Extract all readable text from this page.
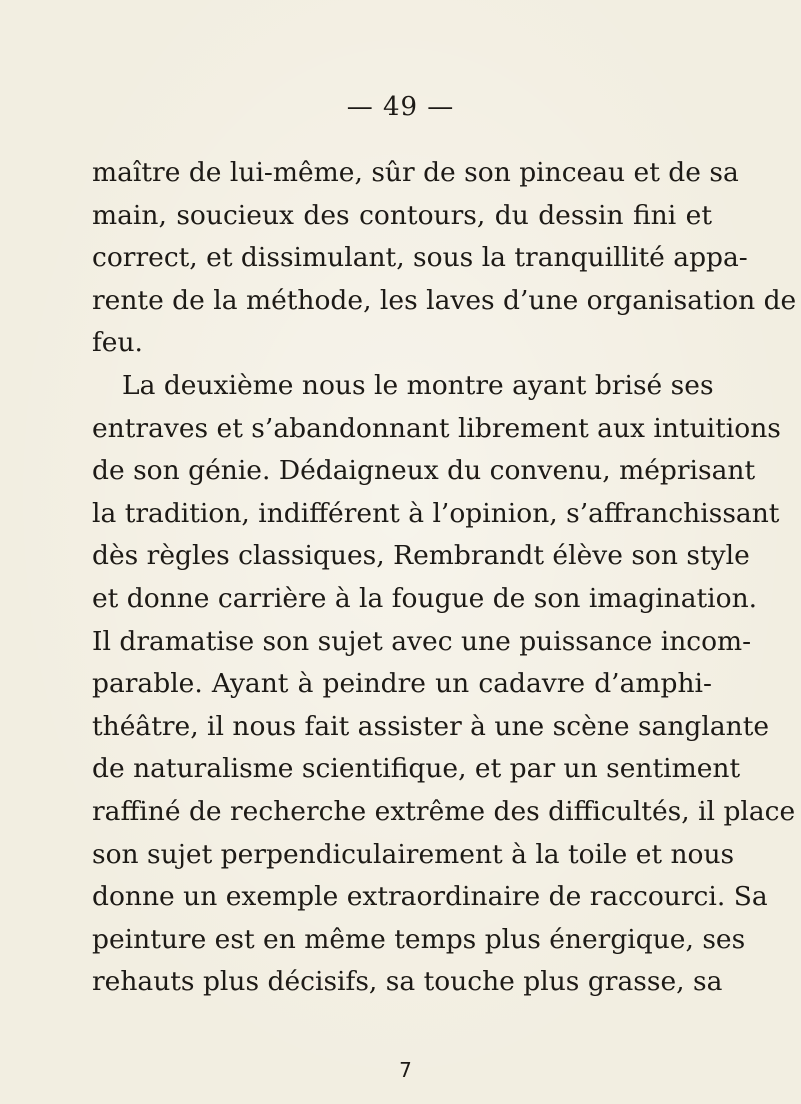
— 49 —
maître de lui-même, sûr de son pinceau et de sa
main, soucieux des contours, du dessin fini et
correct, et dissimulant, sous la tranquillité appa-
rente de la méthode, les laves d’une organisation de
feu.
La deuxième nous le montre ayant brisé ses
entraves et s’abandonnant librement aux intuitions
de son génie. Dédaigneux du convenu, méprisant
la tradition, indifférent à l’opinion, s’affranchissant
dès règles classiques, Rembrandt élève son style
et donne carrière à la fougue de son imagination.
Il dramatise son sujet avec une puissance incom-
parable. Ayant à peindre un cadavre d’amphi-
théâtre, il nous fait assister à une scène sanglante
de naturalisme scientifique, et par un sentiment
raffiné de recherche extrême des difficultés, il place
son sujet perpendiculairement à la toile et nous
donne un exemple extraordinaire de raccourci. Sa
peinture est en même temps plus énergique, ses
rehauts plus décisifs, sa touche plus grasse, sa
7
